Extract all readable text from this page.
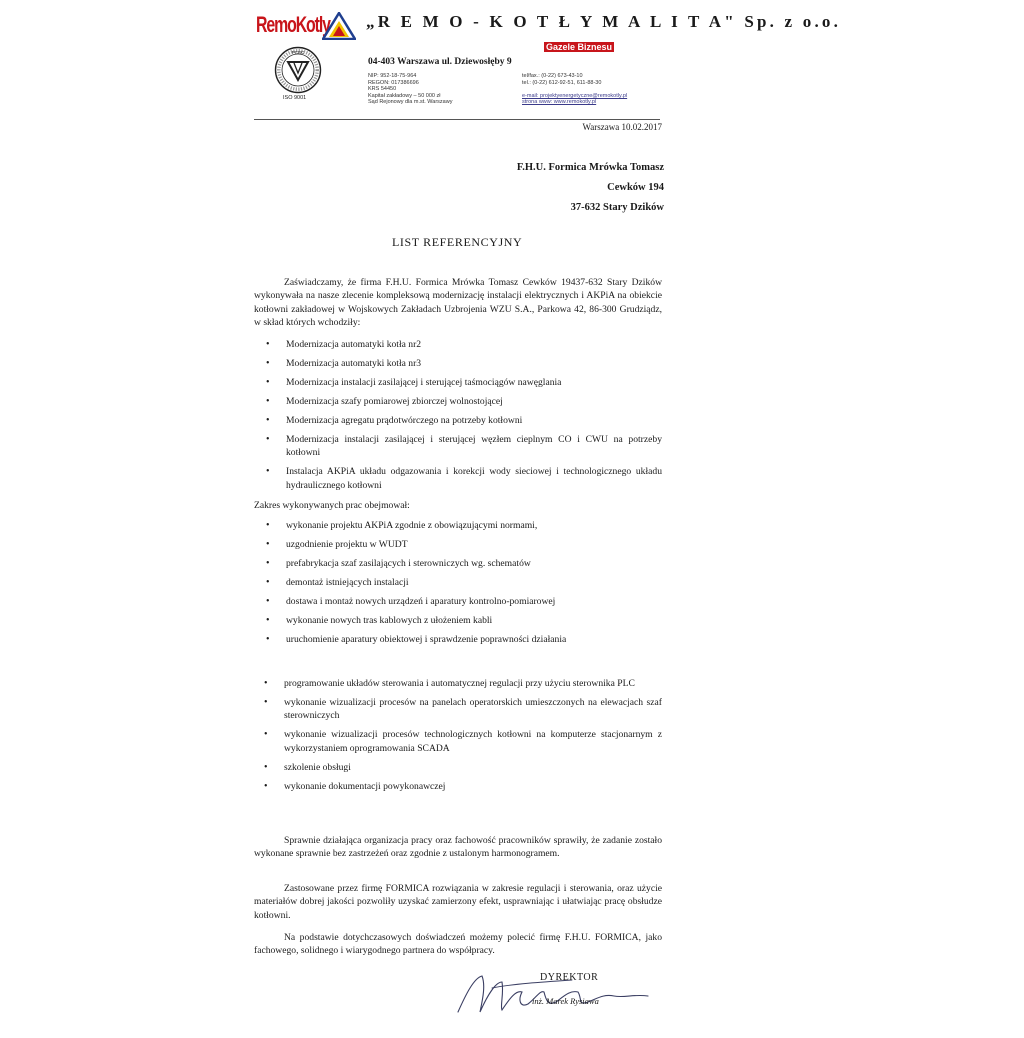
RemoKotly „R E M O - K O T Ł Y M A L I T A" Sp. z o.o.
PCBC
ISO 9001
04-403 Warszawa ul. Dziewosłęby 9
Gazele Biznesu
NIP: 952-18-75-964
REGON: 017386696
KRS 54450
Kapitał zakładowy – 50 000 zł
Sąd Rejonowy dla m.st. Warszawy
tel/fax.: (0-22) 673-43-10
tel.: (0-22) 612-92-51, 611-88-30
e-mail: projektyenergetyczne@remokotly.pl
strona www: www.remokotly.pl
Warszawa 10.02.2017
F.H.U. Formica Mrówka Tomasz
Cewków 194
37-632 Stary Dzików
LIST REFERENCYJNY
Zaświadczamy, że firma F.H.U. Formica Mrówka Tomasz Cewków 19437-632 Stary Dzików wykonywała na nasze zlecenie kompleksową modernizację instalacji elektrycznych i AKPiA na obiekcie kotłowni zakładowej w Wojskowych Zakładach Uzbrojenia WZU S.A., Parkowa 42, 86-300 Grudziądz, w skład których wchodziły:
• Modernizacja automatyki kotła nr2
• Modernizacja automatyki kotła nr3
• Modernizacja instalacji zasilającej i sterującej taśmociągów nawęglania
• Modernizacja szafy pomiarowej zbiorczej wolnostojącej
• Modernizacja agregatu prądotwórczego na potrzeby kotłowni
• Modernizacja instalacji zasilającej i sterującej węzłem cieplnym CO i CWU na potrzeby kotłowni
• Instalacja AKPiA układu odgazowania i korekcji wody sieciowej i technologicznego układu hydraulicznego kotłowni
Zakres wykonywanych prac obejmował:
• wykonanie projektu AKPiA zgodnie z obowiązującymi normami,
• uzgodnienie projektu w WUDT
• prefabrykacja szaf zasilających i sterowniczych wg. schematów
• demontaż istniejących instalacji
• dostawa i montaż nowych urządzeń i aparatury kontrolno-pomiarowej
• wykonanie nowych tras kablowych z ułożeniem kabli
• uruchomienie aparatury obiektowej i sprawdzenie poprawności działania
• programowanie układów sterowania i automatycznej regulacji przy użyciu sterownika PLC
• wykonanie wizualizacji procesów na panelach operatorskich umieszczonych na elewacjach szaf sterowniczych
• wykonanie wizualizacji procesów technologicznych kotłowni na komputerze stacjonarnym z wykorzystaniem oprogramowania SCADA
• szkolenie obsługi
• wykonanie dokumentacji powykonawczej
Sprawnie działająca organizacja pracy oraz fachowość pracowników sprawiły, że zadanie zostało wykonane sprawnie bez zastrzeżeń oraz zgodnie z ustalonym harmonogramem.
Zastosowane przez firmę FORMICA rozwiązania w zakresie regulacji i sterowania, oraz użycie materiałów dobrej jakości pozwoliły uzyskać zamierzony efekt, usprawniając i ułatwiając pracę obsłudze kotłowni.
Na podstawie dotychczasowych doświadczeń możemy polecić firmę F.H.U. FORMICA, jako fachowego, solidnego i wiarygodnego partnera do współpracy.
DYREKTOR
inż. Marek Rysiawa
